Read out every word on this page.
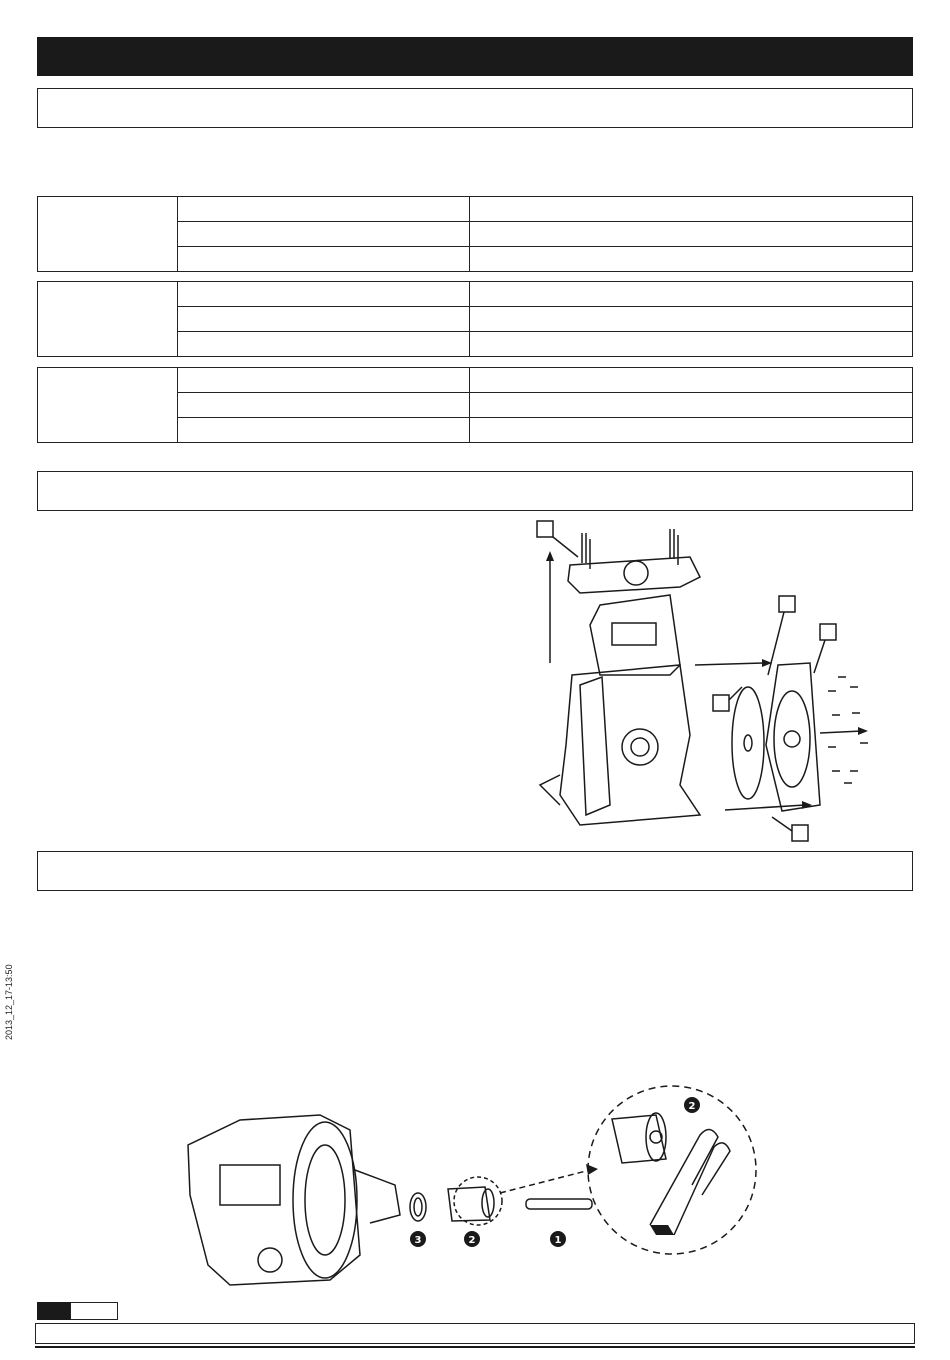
2013_12_17-13:50
3	2	1
2
